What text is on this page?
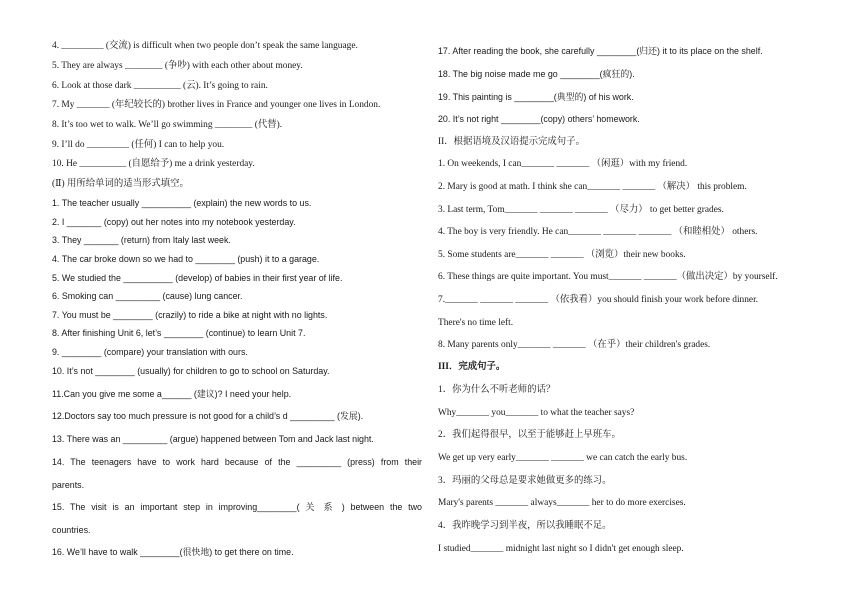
4. _________ (交流) is difficult when two people don’t speak the same language.
5. They are always ________ (争吵) with each other about money.
6. Look at those dark __________ (云). It’s going to rain.
7. My _______ (年纪较长的) brother lives in France and younger one lives in London.
8. It’s too wet to walk. We’ll go swimming ________ (代替).
9. I’ll do _________ (任何) I can to help you.
10. He __________ (自愿给予) me a drink yesterday.
(Ⅱ) 用所给单词的适当形式填空。
1. The teacher usually __________ (explain) the new words to us.
2. I _______ (copy) out her notes into my notebook yesterday.
3. They _______ (return) from Italy last week.
4. The car broke down so we had to ________ (push) it to a garage.
5. We studied the __________ (develop) of babies in their first year of life.
6. Smoking can _________ (cause) lung cancer.
7. You must be ________ (crazily) to ride a bike at night with no lights.
8. After finishing Unit 6, let’s ________ (continue) to learn Unit 7.
9. ________ (compare) your translation with ours.
10. It’s not ________ (usually) for children to go to school on Saturday.
11.Can you give me some a______ (建议)? I need your help.
12.Doctors say too much pressure is not good for a child’s d _________ (发展).
13. There was an _________ (argue) happened between Tom and Jack last night.
14. The teenagers have to work hard because of the _________ (press) from their
parents.
15. The visit is an important step in improving________( 关 系 ) between the two
countries.
16. We’ll have to walk ________(很快地) to get there on time.
17. After reading the book, she carefully ________(归还) it to its place on the shelf.
18. The big noise made me go ________(疯狂的).
19. This painting is ________(典型的) of his work.
20. It’s not right ________(copy) others’ homework.
II．根据语境及汉语提示完成句子。
1. On weekends, I can_______ _______ （闲逛）with my friend.
2. Mary is good at math. I think she can_______ _______ （解决） this problem.
3. Last term, Tom_______ _______ _______ （尽力） to get better grades.
4. The boy is very friendly. He can_______ _______ _______ （和睦相处） others.
5. Some students are_______ _______ （浏览）their new books.
6. These things are quite important. You must_______ _______（做出决定）by yourself.
7._______ _______ _______ （依我看）you should finish your work before dinner.
There's no time left.
8. Many parents only_______ _______ （在乎）their children's grades.
III．完成句子。
1．你为什么不听老师的话？
Why_______ you_______ to what the teacher says?
2．我们起得很早，以至于能够赶上早班车。
We get up very early_______ _______ we can catch the early bus.
3．玛丽的父母总是要求她做更多的练习。
Mary's parents _______ always_______ her to do more exercises.
4．我昨晚学习到半夜，所以我睡眠不足。
I studied_______ midnight last night so I didn't get enough sleep.
